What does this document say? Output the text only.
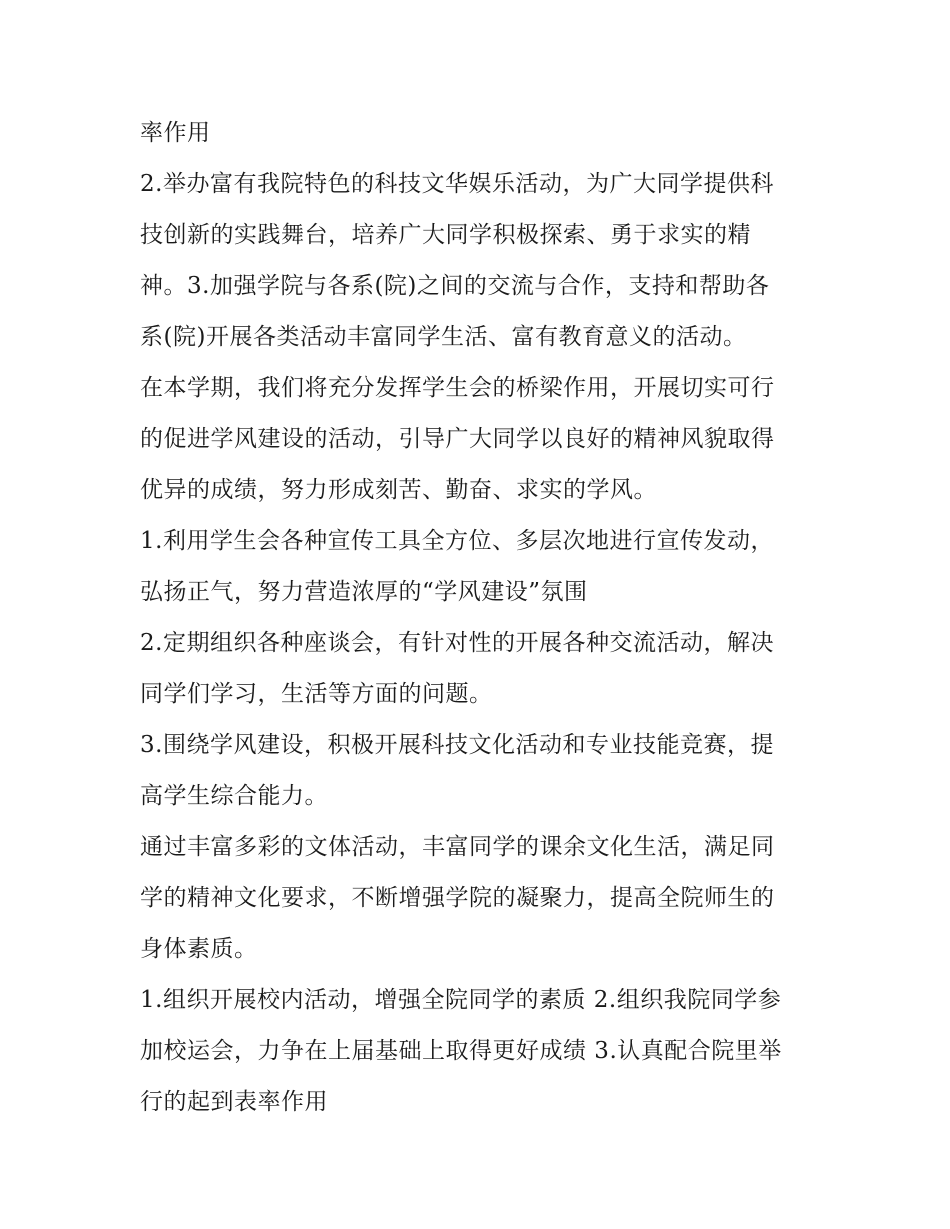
率作用
2.举办富有我院特色的科技文华娱乐活动，为广大同学提供科
技创新的实践舞台，培养广大同学积极探索、勇于求实的精
神。3.加强学院与各系(院)之间的交流与合作，支持和帮助各
系(院)开展各类活动丰富同学生活、富有教育意义的活动。
在本学期，我们将充分发挥学生会的桥梁作用，开展切实可行
的促进学风建设的活动，引导广大同学以良好的精神风貌取得
优异的成绩，努力形成刻苦、勤奋、求实的学风。
1.利用学生会各种宣传工具全方位、多层次地进行宣传发动，
弘扬正气，努力营造浓厚的“学风建设”氛围
2.定期组织各种座谈会，有针对性的开展各种交流活动，解决
同学们学习，生活等方面的问题。
3.围绕学风建设，积极开展科技文化活动和专业技能竞赛，提
高学生综合能力。
通过丰富多彩的文体活动，丰富同学的课余文化生活，满足同
学的精神文化要求，不断增强学院的凝聚力，提高全院师生的
身体素质。
1.组织开展校内活动，增强全院同学的素质 2.组织我院同学参
加校运会，力争在上届基础上取得更好成绩 3.认真配合院里举
行的起到表率作用
